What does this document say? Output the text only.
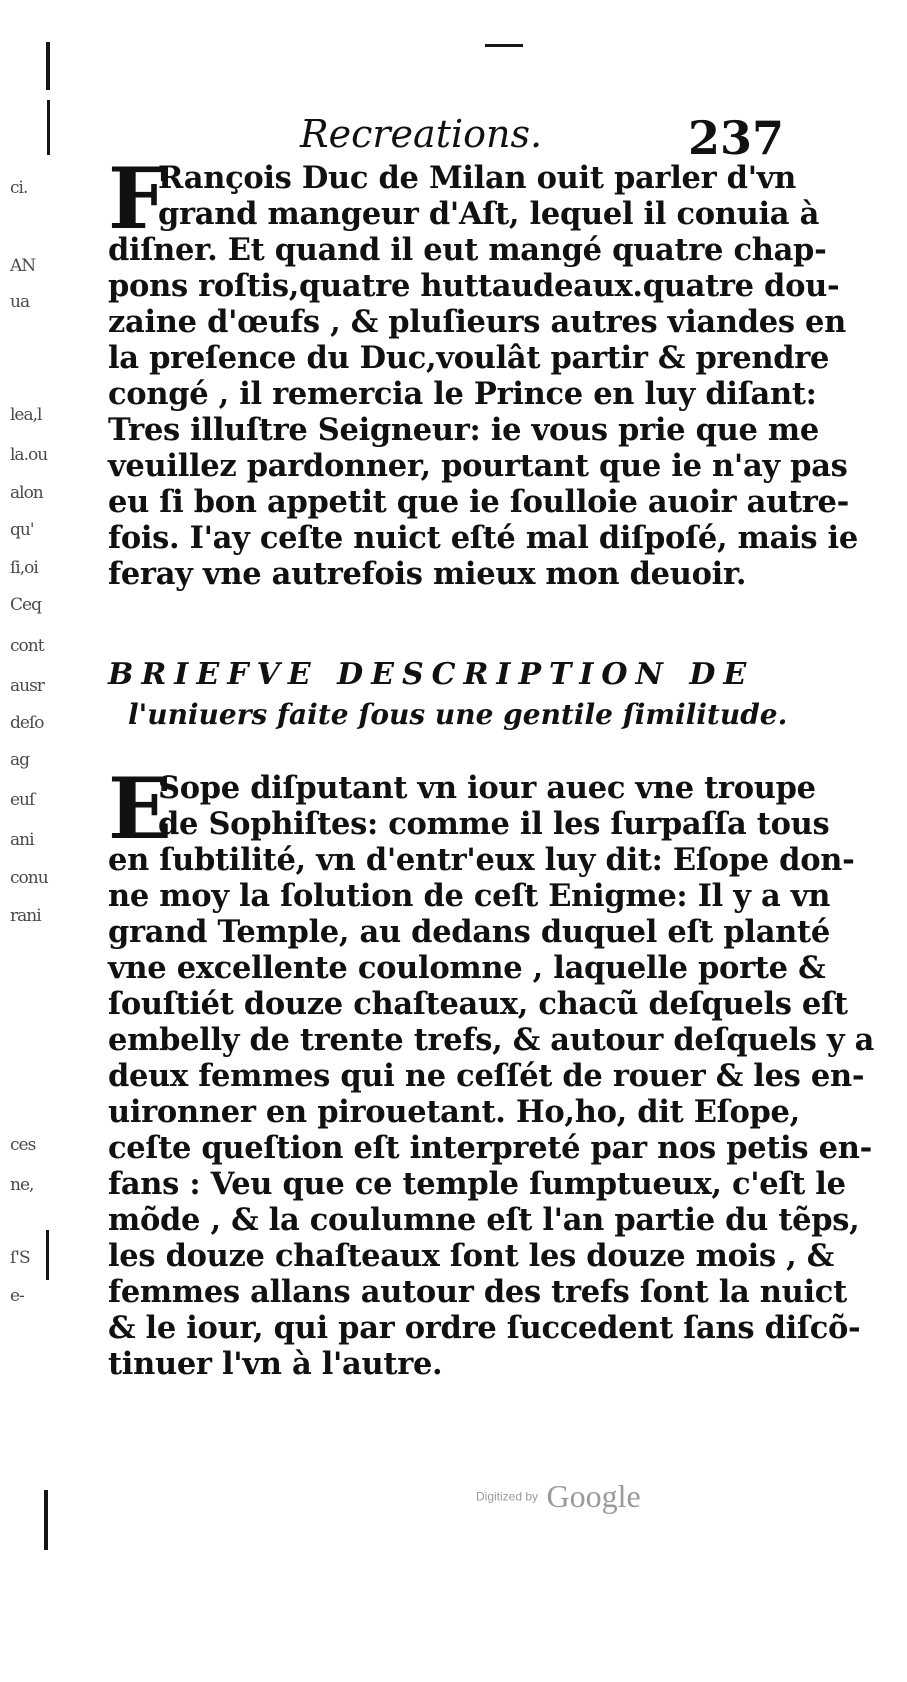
ci.
AN
ua
lea,l
la.ou
alon
qu'
ſi,oi
Ceq
cont
ausr
deſo
ag
euſ
ani
conu
rani
ces
ne,
ſ'S
e-

Recreations.	237

F
Rançois Duc de Milan ouit parler d'vn
grand mangeur d'Aſt, lequel il conuia à
diſner. Et quand il eut mangé quatre chap-
pons roſtis,quatre huttaudeaux.quatre dou-
zaine d'œufs , & pluſieurs autres viandes en
la preſence du Duc,voulât partir & prendre
congé , il remercia le Prince en luy diſant:
Tres illuſtre Seigneur: ie vous prie que me
veuillez pardonner, pourtant que ie n'ay pas
eu ſi bon appetit que ie ſoulloie auoir autre-
fois. I'ay ceſte nuict eſté mal diſpoſé, mais ie
feray vne autrefois mieux mon deuoir.
BRIEFVE DESCRIPTION DE
l'uniuers faite ſous une gentile ſimilitude.
E
Sope diſputant vn iour auec vne troupe
de Sophiſtes: comme il les ſurpaſſa tous
en ſubtilité, vn d'entr'eux luy dit: Eſope don-
ne moy la ſolution de ceſt Enigme: Il y a vn
grand Temple, au dedans duquel eſt planté
vne excellente coulomne , laquelle porte &
ſouſtiét douze chaſteaux, chacũ deſquels eſt
embelly de trente trefs, & autour deſquels y a
deux femmes qui ne ceſſét de rouer & les en-
uironner en pirouetant. Ho,ho, dit Eſope,
ceſte queſtion eſt interpreté par nos petis en-
fans : Veu que ce temple ſumptueux, c'eſt le
mõde , & la coulumne eſt l'an partie du tẽps,
les douze chaſteaux ſont les douze mois , &
femmes allans autour des trefs ſont la nuict
& le iour, qui par ordre ſuccedent ſans diſcõ-
tinuer l'vn à l'autre.

Digitized by Google
